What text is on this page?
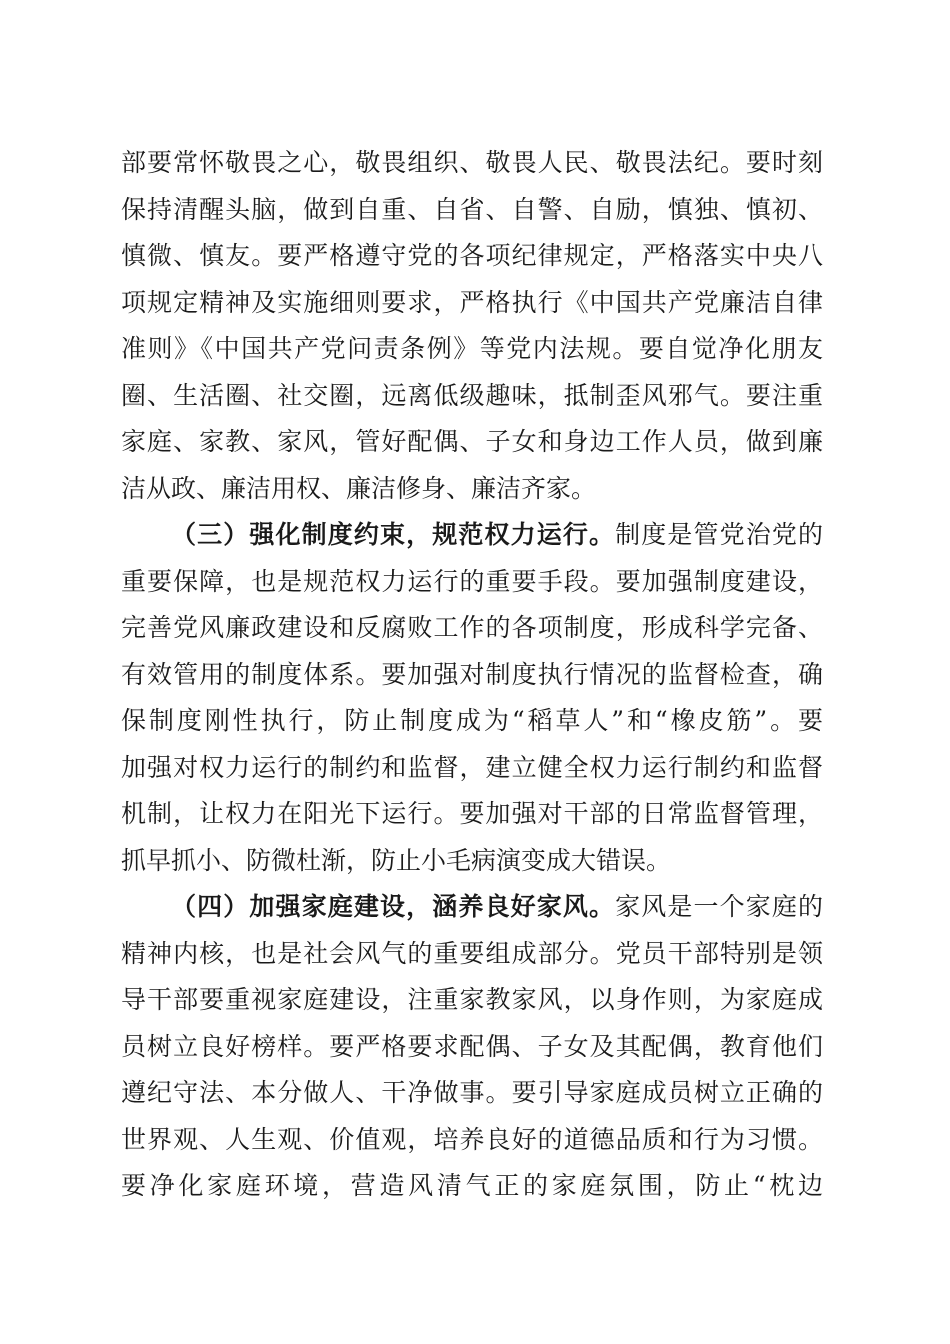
部要常怀敬畏之心，敬畏组织、敬畏人民、敬畏法纪。要时刻
保持清醒头脑，做到自重、自省、自警、自励，慎独、慎初、
慎微、慎友。要严格遵守党的各项纪律规定，严格落实中央八
项规定精神及实施细则要求，严格执行《中国共产党廉洁自律
准则》《中国共产党问责条例》等党内法规。要自觉净化朋友
圈、生活圈、社交圈，远离低级趣味，抵制歪风邪气。要注重
家庭、家教、家风，管好配偶、子女和身边工作人员，做到廉
洁从政、廉洁用权、廉洁修身、廉洁齐家。
（三）强化制度约束，规范权力运行。制度是管党治党的
重要保障，也是规范权力运行的重要手段。要加强制度建设，
完善党风廉政建设和反腐败工作的各项制度，形成科学完备、
有效管用的制度体系。要加强对制度执行情况的监督检查，确
保制度刚性执行，防止制度成为“稻草人”和“橡皮筋”。要
加强对权力运行的制约和监督，建立健全权力运行制约和监督
机制，让权力在阳光下运行。要加强对干部的日常监督管理，
抓早抓小、防微杜渐，防止小毛病演变成大错误。
（四）加强家庭建设，涵养良好家风。家风是一个家庭的
精神内核，也是社会风气的重要组成部分。党员干部特别是领
导干部要重视家庭建设，注重家教家风，以身作则，为家庭成
员树立良好榜样。要严格要求配偶、子女及其配偶，教育他们
遵纪守法、本分做人、干净做事。要引导家庭成员树立正确的
世界观、人生观、价值观，培养良好的道德品质和行为习惯。
要净化家庭环境，营造风清气正的家庭氛围，防止“枕边
